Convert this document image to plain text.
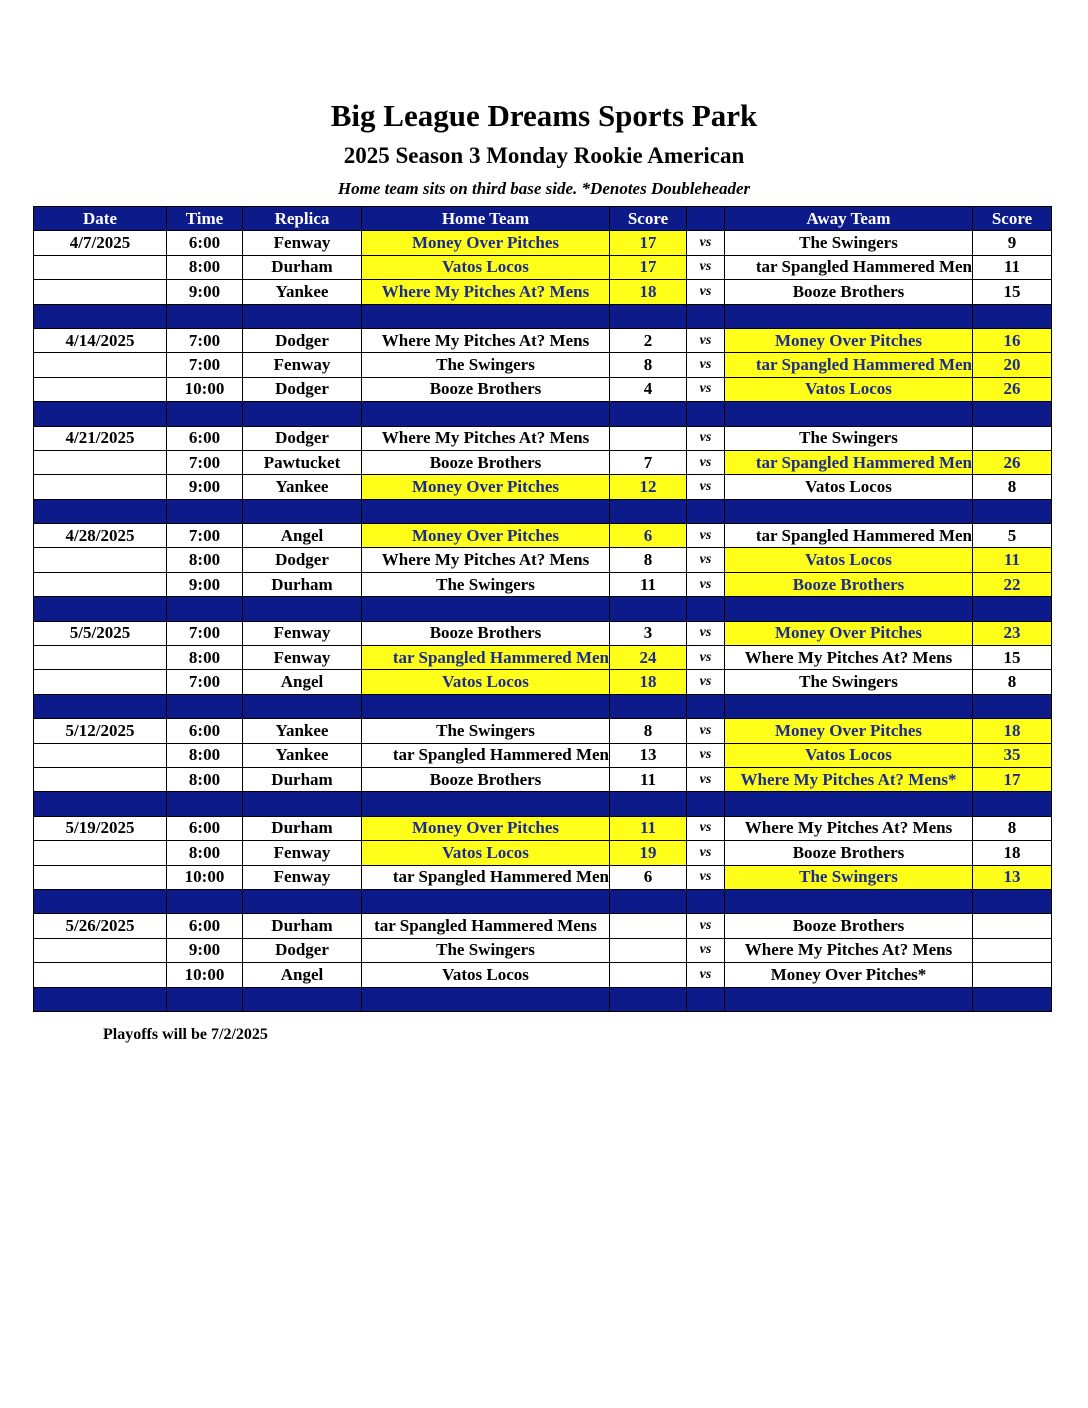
Big League Dreams Sports Park
2025 Season 3 Monday Rookie American
Home team sits on third base side. *Denotes Doubleheader
Date	Time	Replica	Home Team	Score		Away Team	Score
4/7/2025	6:00	Fenway	Money Over Pitches	17	vs	The Swingers	9
	8:00	Durham	Vatos Locos	17	vs	tar Spangled Hammered Men	11
	9:00	Yankee	Where My Pitches At? Mens	18	vs	Booze Brothers	15

4/14/2025	7:00	Dodger	Where My Pitches At? Mens	2	vs	Money Over Pitches	16
	7:00	Fenway	The Swingers	8	vs	tar Spangled Hammered Men	20
	10:00	Dodger	Booze Brothers	4	vs	Vatos Locos	26

4/21/2025	6:00	Dodger	Where My Pitches At? Mens		vs	The Swingers	
	7:00	Pawtucket	Booze Brothers	7	vs	tar Spangled Hammered Men	26
	9:00	Yankee	Money Over Pitches	12	vs	Vatos Locos	8

4/28/2025	7:00	Angel	Money Over Pitches	6	vs	tar Spangled Hammered Men	5
	8:00	Dodger	Where My Pitches At? Mens	8	vs	Vatos Locos	11
	9:00	Durham	The Swingers	11	vs	Booze Brothers	22

5/5/2025	7:00	Fenway	Booze Brothers	3	vs	Money Over Pitches	23
	8:00	Fenway	tar Spangled Hammered Men	24	vs	Where My Pitches At? Mens	15
	7:00	Angel	Vatos Locos	18	vs	The Swingers	8

5/12/2025	6:00	Yankee	The Swingers	8	vs	Money Over Pitches	18
	8:00	Yankee	tar Spangled Hammered Men	13	vs	Vatos Locos	35
	8:00	Durham	Booze Brothers	11	vs	Where My Pitches At? Mens*	17

5/19/2025	6:00	Durham	Money Over Pitches	11	vs	Where My Pitches At? Mens	8
	8:00	Fenway	Vatos Locos	19	vs	Booze Brothers	18
	10:00	Fenway	tar Spangled Hammered Men	6	vs	The Swingers	13

5/26/2025	6:00	Durham	tar Spangled Hammered Mens		vs	Booze Brothers	
	9:00	Dodger	The Swingers		vs	Where My Pitches At? Mens	
	10:00	Angel	Vatos Locos		vs	Money Over Pitches*	

Playoffs will be 7/2/2025
